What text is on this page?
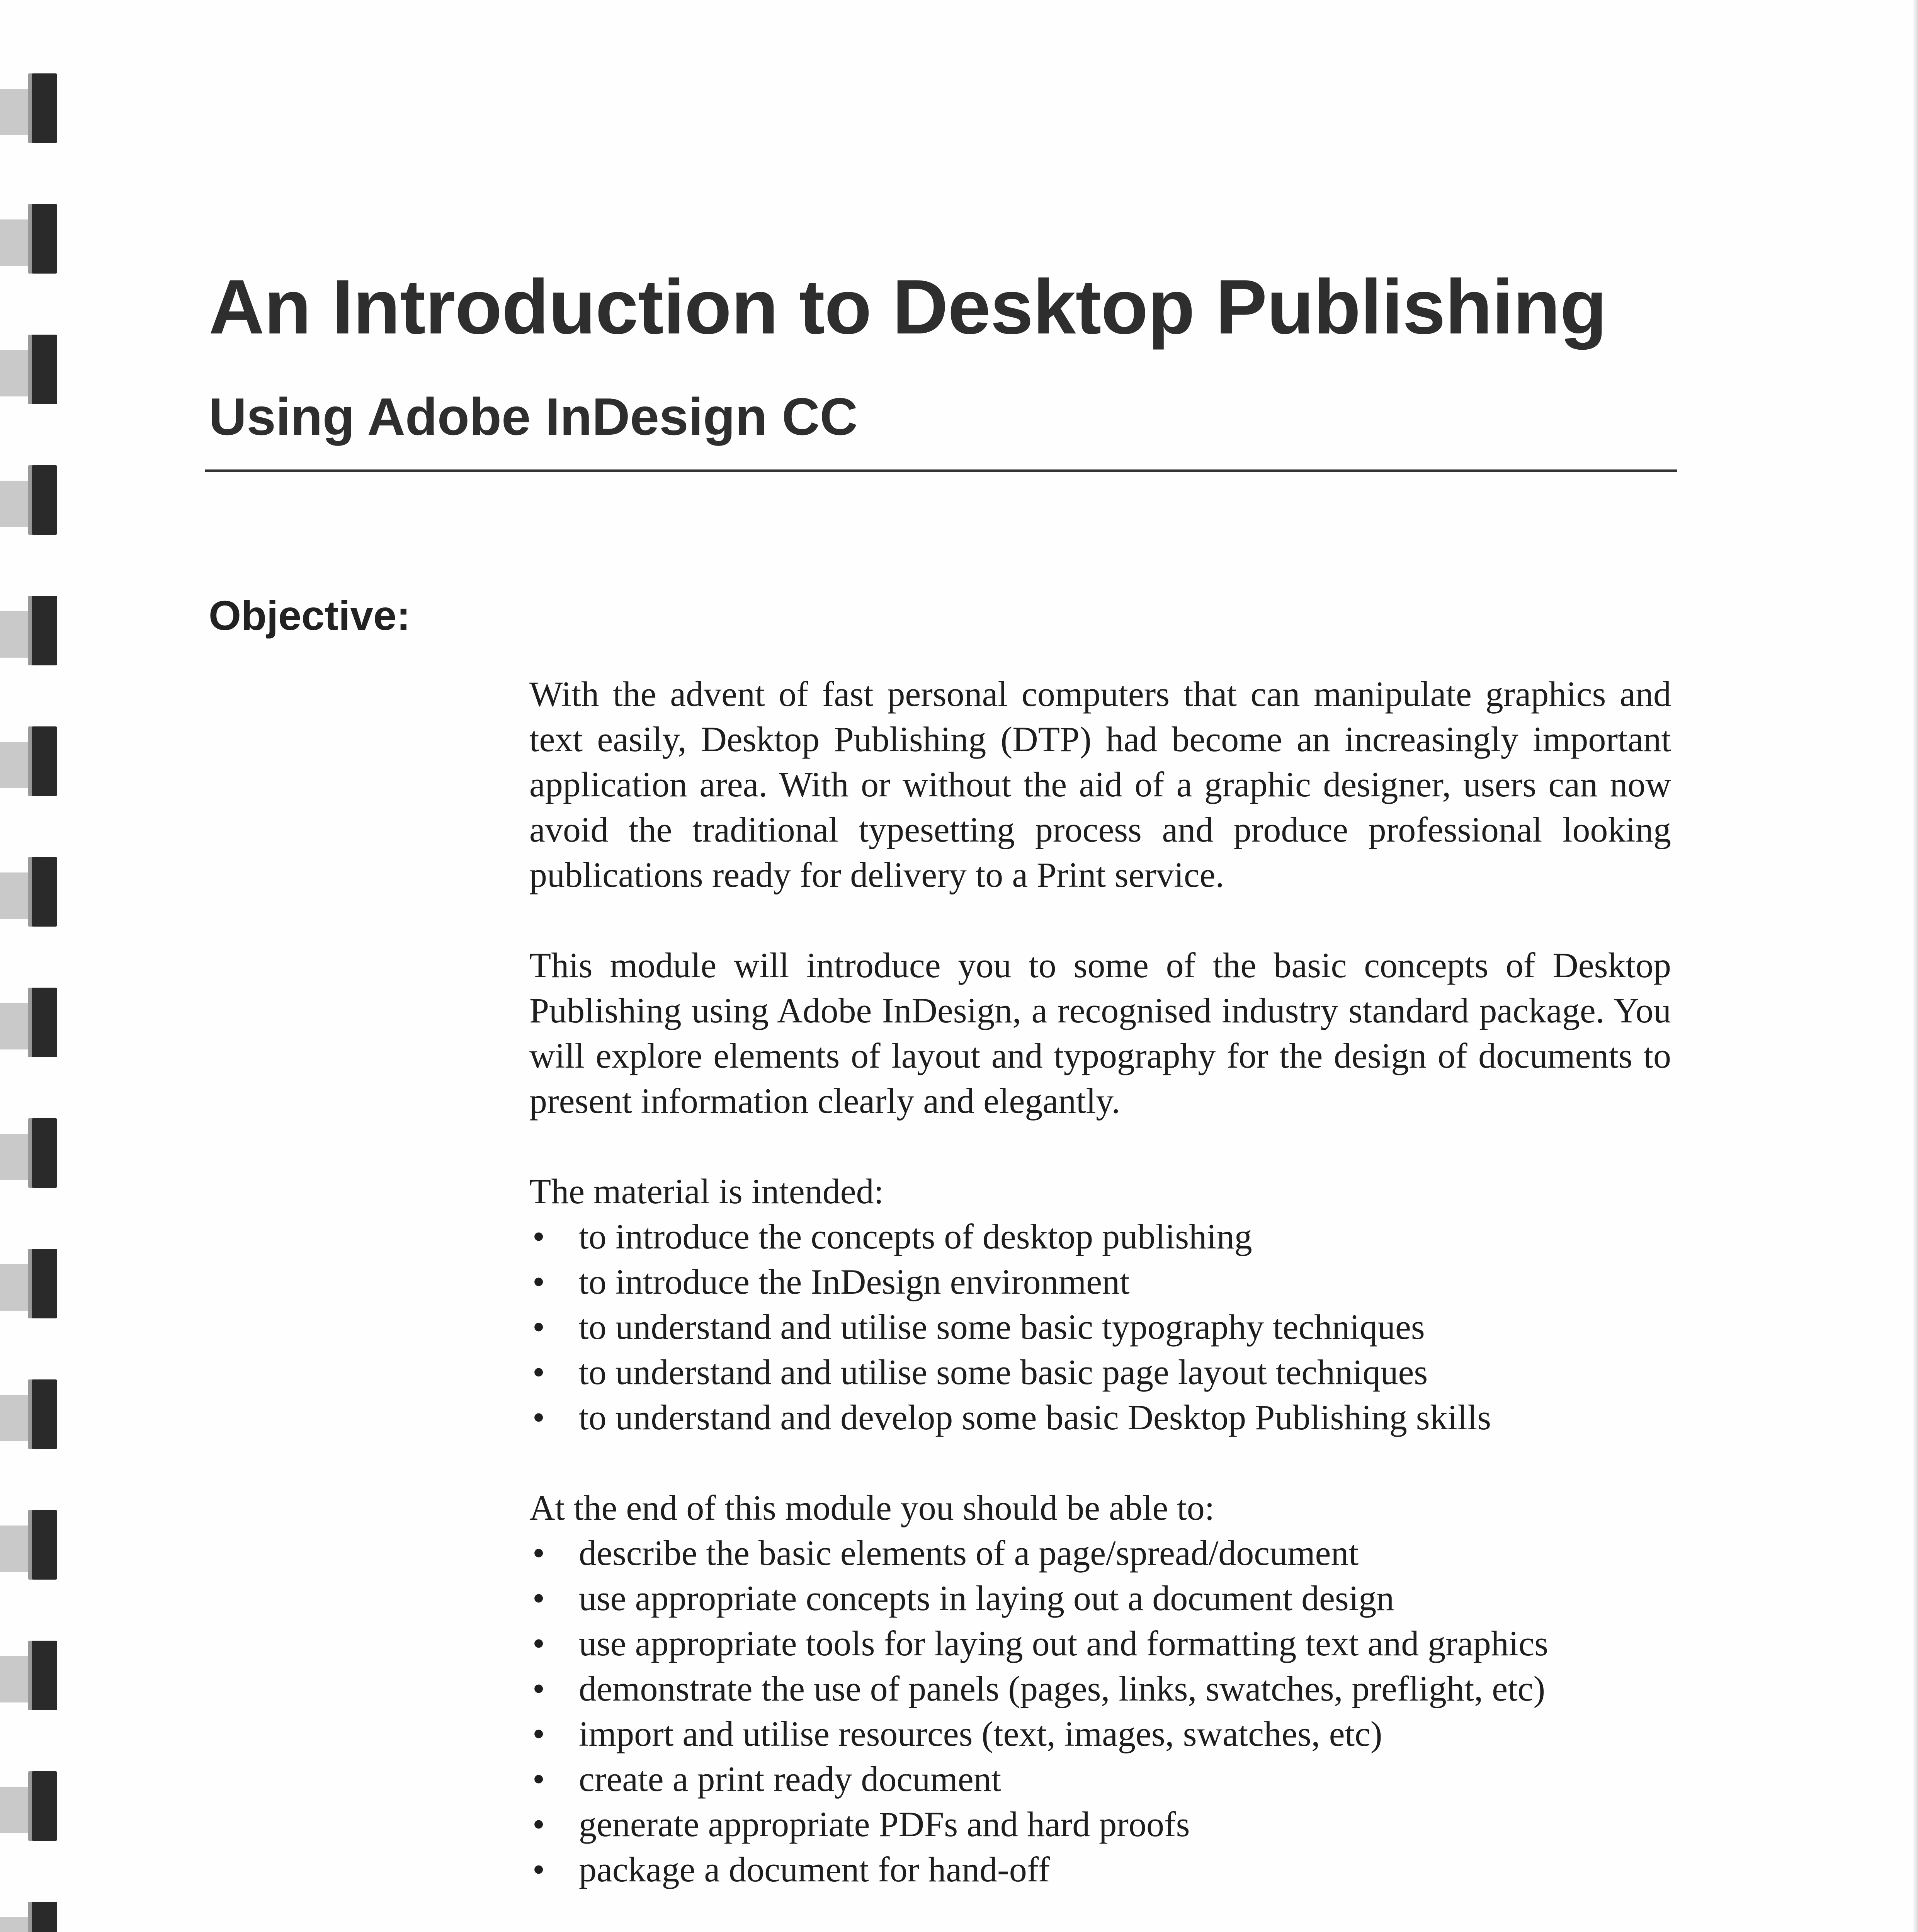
An Introduction to Desktop Publishing
Using Adobe InDesign CC
Objective:

With the advent of fast personal computers that can manipulate graphics and text easily, Desktop Publishing (DTP) had become an increasingly important application area. With or without the aid of a graphic designer, users can now avoid the traditional typesetting process and produce professional looking publications ready for delivery to a Print service.

This module will introduce you to some of the basic concepts of Desktop Publishing using Adobe InDesign, a recognised industry standard package. You will explore elements of layout and typography for the design of documents to present information clearly and elegantly.

The material is intended:

• to introduce the concepts of desktop publishing
• to introduce the InDesign environment
• to understand and utilise some basic typography techniques
• to understand and utilise some basic page layout techniques
• to understand and develop some basic Desktop Publishing skills

At the end of this module you should be able to:

• describe the basic elements of a page/spread/document
• use appropriate concepts in laying out a document design
• use appropriate tools for laying out and formatting text and graphics
• demonstrate the use of panels (pages, links, swatches, preflight, etc)
• import and utilise resources (text, images, swatches, etc)
• create a print ready document
• generate appropriate PDFs and hard proofs
• package a document for hand-off
